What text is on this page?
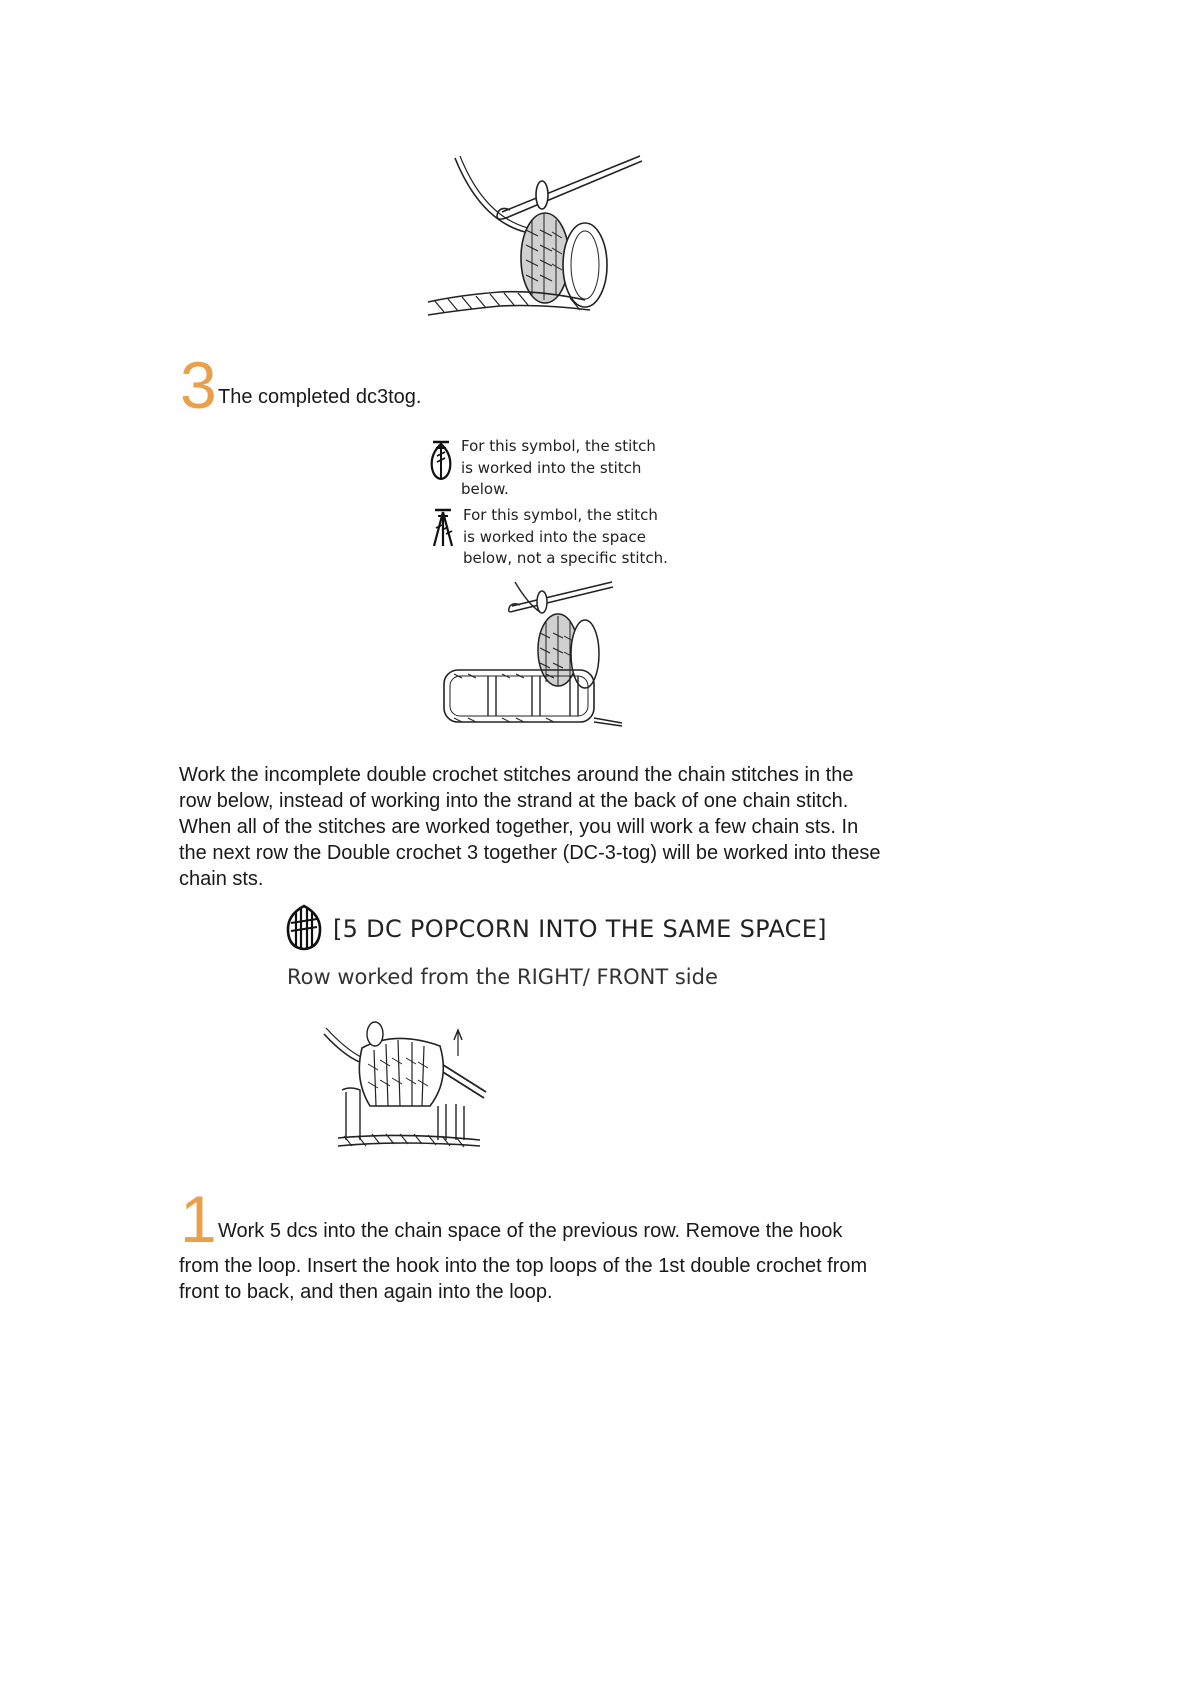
3 The completed dc3tog.
For this symbol, the stitch
is worked into the stitch
below.
For this symbol, the stitch
is worked into the space
below, not a specific stitch.
Work the incomplete double crochet stitches around the chain stitches in the
row below, instead of working into the strand at the back of one chain stitch.
When all of the stitches are worked together, you will work a few chain sts. In
the next row the Double crochet 3 together (DC-3-tog) will be worked into these
chain sts.
[5 DC POPCORN INTO THE SAME SPACE]
Row worked from the RIGHT/ FRONT side
1 Work 5 dcs into the chain space of the previous row. Remove the hook
from the loop. Insert the hook into the top loops of the 1st double crochet from
front to back, and then again into the loop.
